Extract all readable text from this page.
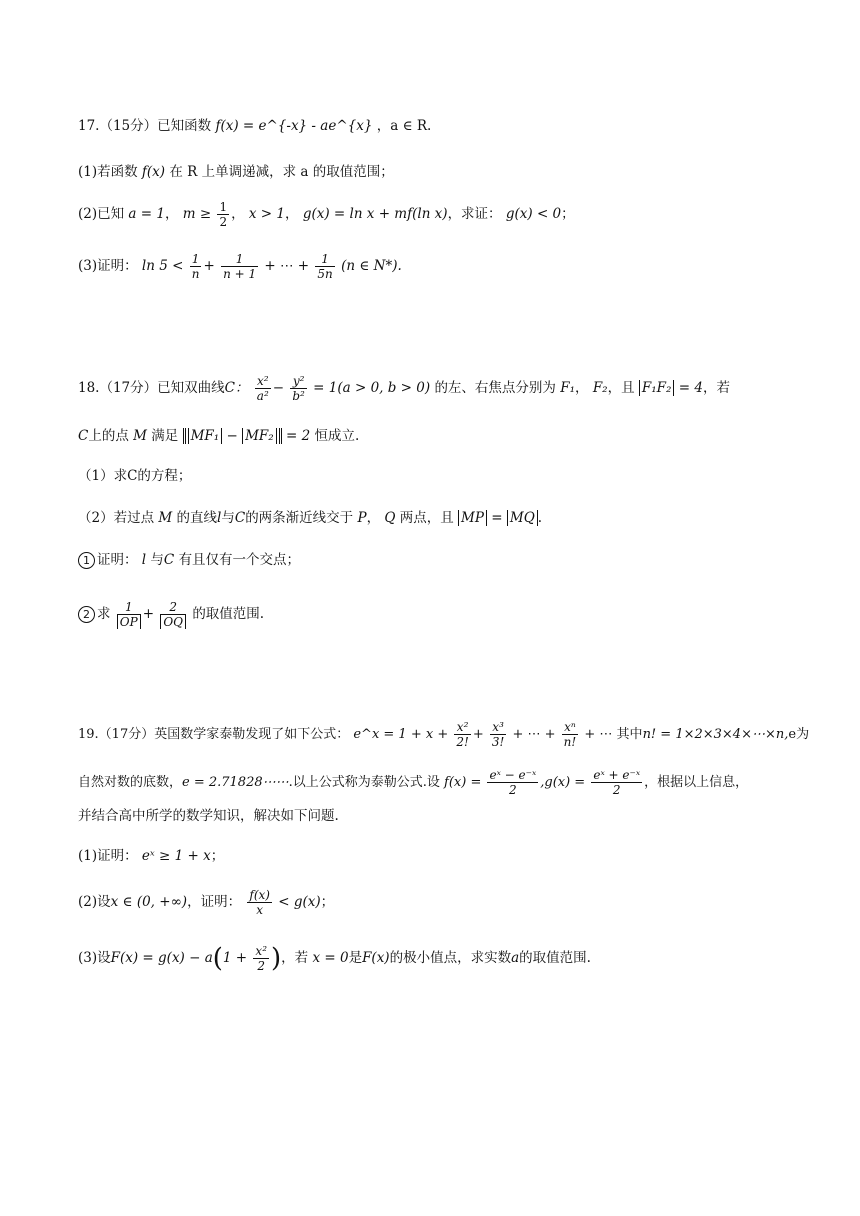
17.（15分）已知函数 f(x) = e^{-x} - ae^{x} ，a ∈ R.
(1)若函数 f(x) 在 R 上单调递减，求 a 的取值范围；
(2)已知 a = 1， $m \ge \frac{1}{2}$ ， x > 1， g(x) = ln x + mf(ln x)，求证： g(x) < 0；
(3)证明： $\ln 5 < \frac{1}{n} + \frac{1}{n + 1}$ + ⋯ + $\frac{1}{5n} (n$ ∈ N*).
18.（17分）已知双曲线C： $\frac{\text{x²}}{\text{a²}} - \frac{\text{y²}}{\text{b²}} = 1(a > 0$, b > 0) 的左、右焦点分别为 F₁， F₂，且 F₁F₂ = 4，若
C上的点 M 满足 MF₁ − MF₂ = 2 恒成立.
（1）求C的方程；
（2）若过点 M 的直线l与C的两条渐近线交于 P， Q 两点，且 MP = MQ .
1 证明： l 与C 有且仅有一个交点；
2 求 $\frac{1}{OP} + \frac{2}{OQ}$ 的取值范围.
19.（17分）英国数学家泰勒发现了如下公式： e^x = $1 + x + \frac{\text{x²}}{2!} + \frac{\text{x³}}{3!}$ + ⋯ + $\frac{\text{xⁿ}}{n!}$ + ⋯ 其中n! = 1×2×3×4×⋯×n,e为
自然对数的底数，e = 2.71828⋯⋯.以上公式称为泰勒公式.设 $f(x) = \frac{\text{eˣ − e⁻ˣ}}{2} ,g(x) = \frac{\text{eˣ + e⁻ˣ}}{2}$ ，根据以上信息，
并结合高中所学的数学知识，解决如下问题.
(1)证明： eˣ ≥ 1 + x；
(2)设x ∈ (0, +∞)，证明： $\frac{f(x)}{x} < g(x)$；
(3)设$F(x) = g(x) - a(1 + \frac{\text{x²}}{2}$ )，若 x = 0是F(x)的极小值点，求实数a的取值范围.
